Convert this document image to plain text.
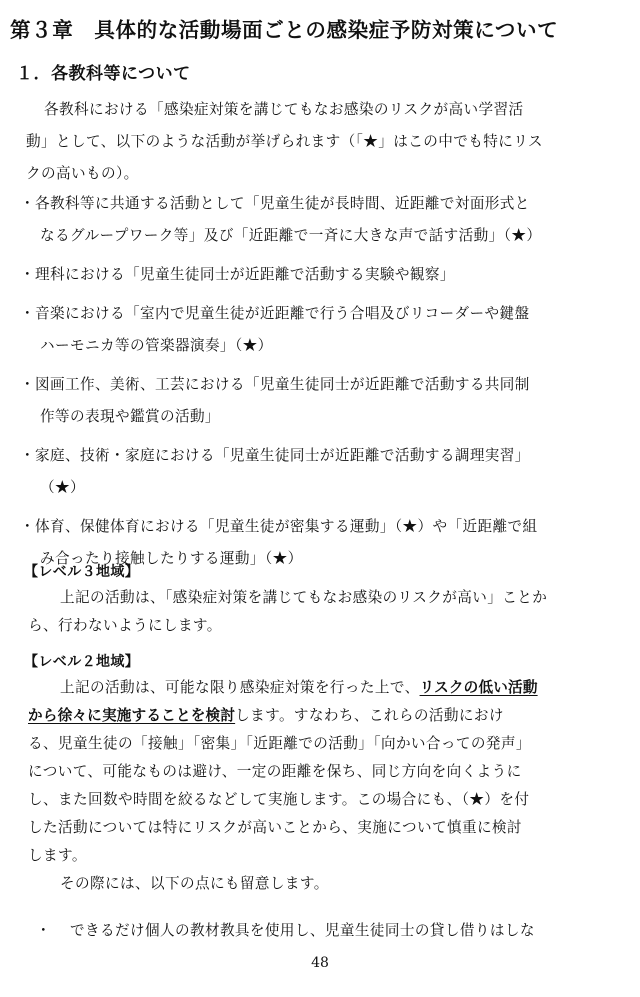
第３章　具体的な活動場面ごとの感染症予防対策について
１．各教科等について
各教科における「感染症対策を講じてもなお感染のリスクが高い学習活
動」として、以下のような活動が挙げられます（「★」はこの中でも特にリス
クの高いもの）。
・各教科等に共通する活動として「児童生徒が長時間、近距離で対面形式と
なるグループワーク等」及び「近距離で一斉に大きな声で話す活動」（★）
・理科における「児童生徒同士が近距離で活動する実験や観察」
・音楽における「室内で児童生徒が近距離で行う合唱及びリコーダーや鍵盤
ハーモニカ等の管楽器演奏」（★）
・図画工作、美術、工芸における「児童生徒同士が近距離で活動する共同制
作等の表現や鑑賞の活動」
・家庭、技術・家庭における「児童生徒同士が近距離で活動する調理実習」
（★）
・体育、保健体育における「児童生徒が密集する運動」（★）や「近距離で組
み合ったり接触したりする運動」（★）
【レベル３地域】
上記の活動は、「感染症対策を講じてもなお感染のリスクが高い」ことか
ら、行わないようにします。
【レベル２地域】
上記の活動は、可能な限り感染症対策を行った上で、リスクの低い活動
から徐々に実施することを検討します。すなわち、これらの活動におけ
る、児童生徒の「接触」「密集」「近距離での活動」「向かい合っての発声」
について、可能なものは避け、一定の距離を保ち、同じ方向を向くように
し、また回数や時間を絞るなどして実施します。この場合にも、（★）を付
した活動については特にリスクが高いことから、実施について慎重に検討
します。
その際には、以下の点にも留意します。
・ できるだけ個人の教材教具を使用し、児童生徒同士の貸し借りはしな
48
